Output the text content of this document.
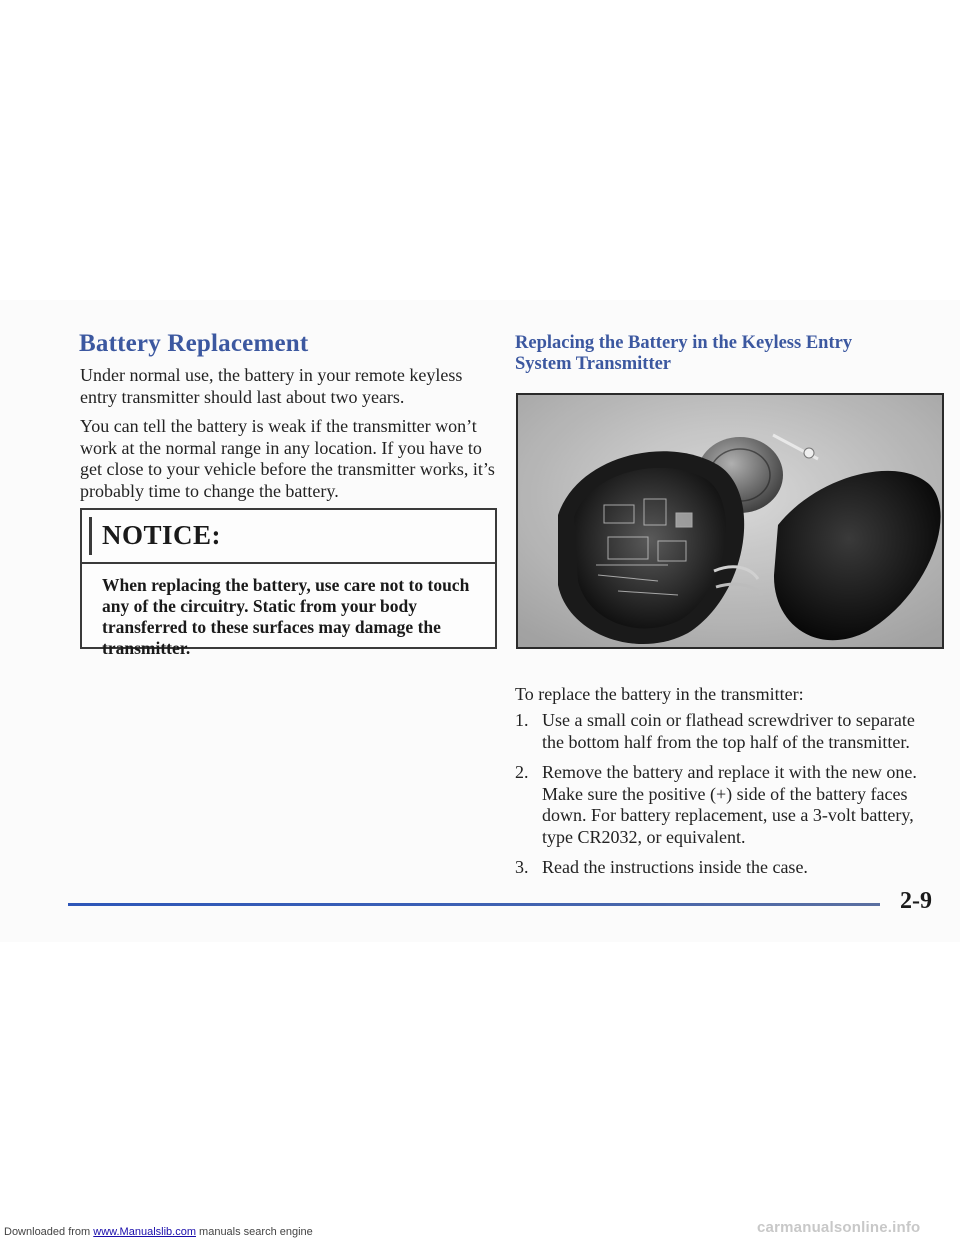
Battery Replacement

Under normal use, the battery in your remote keyless entry transmitter should last about two years.

You can tell the battery is weak if the transmitter won’t work at the normal range in any location. If you have to get close to your vehicle before the transmitter works, it’s probably time to change the battery.

NOTICE:
When replacing the battery, use care not to touch any of the circuitry. Static from your body transferred to these surfaces may damage the transmitter.
Replacing the Battery in the Keyless Entry System Transmitter

To replace the battery in the transmitter:

1. Use a small coin or flathead screwdriver to separate the bottom half from the top half of the transmitter.
2. Remove the battery and replace it with the new one. Make sure the positive (+) side of the battery faces down. For battery replacement, use a 3-volt battery, type CR2032, or equivalent.
3. Read the instructions inside the case.
2-9
Downloaded from www.Manualslib.com manuals search engine	carmanualsonline.info
